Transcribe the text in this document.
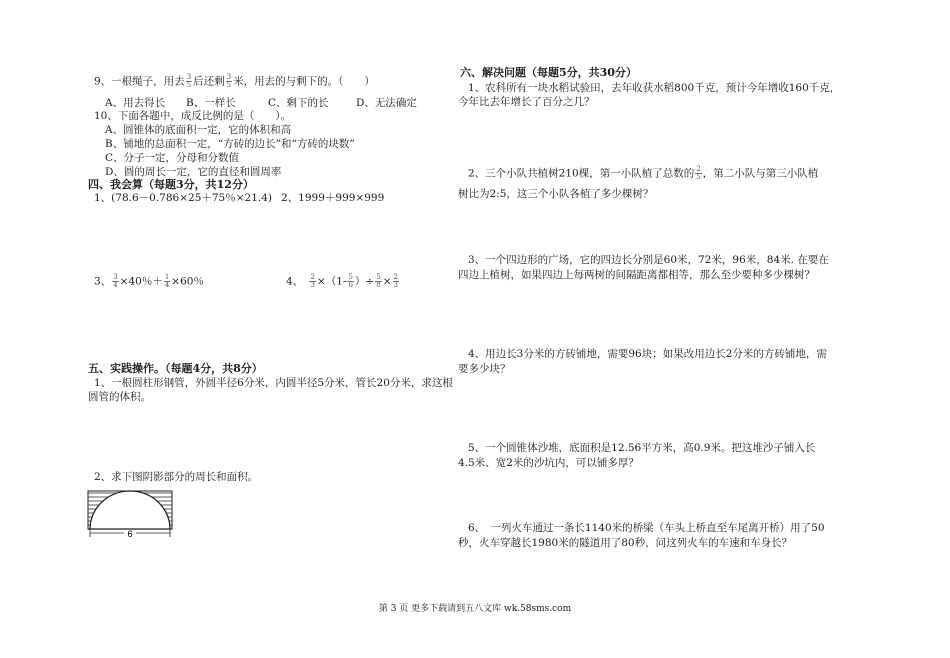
9、一根绳子，用去 $\frac{3}{5}$ 后还剩 $\frac{3}{5}$ 米，用去的与剩下的。（　　）
A、用去得长 B、一样长	C、剩下的长	D、无法确定
10、下面各题中，成反比例的是（　　）。
A、圆锥体的底面积一定，它的体积和高
B、铺地的总面积一定，“方砖的边长”和“方砖的块数”
C、分子一定，分母和分数值
D、圆的周长一定，它的直径和圆周率
四、我会算（每题3分，共12分）
1、(78.6－0.786×25＋75％×21.4) 2、1999＋999×999
3、 $\frac{3}{4} \times 40$％＋ $\frac{1}{4} \times 60$％	4、　 $\frac{2}{3} \times(1- \frac{5}{6}$ ）÷ $\frac{5}{8} \times \frac{2}{3}$
五、实践操作。（每题4分，共8分）
1、一根圆柱形钢管，外圆半径6分米，内圆半径5分米，管长20分米，求这根
圆管的体积。
2、求下图阴影部分的周长和面积。
6
六、解决问题（每题5分，共30分）
1、农科所有一块水稻试验田，去年收获水稻800千克，预计今年增收160千克，
今年比去年增长了百分之几？
2、三个小队共植树210棵，第一小队植了总数的 $\frac{2}{5}$ ，第二小队与第三小队植
树比为2:5，这三个小队各植了多少棵树？
3、一个四边形的广场，它的四边长分别是60米，72米，96米，84米. 在要在
四边上植树，如果四边上每两树的间隔距离都相等，那么至少要种多少棵树？
4、用边长3分米的方砖铺地，需要96块；如果改用边长2分米的方砖铺地，需
要多少块？
5、一个圆锥体沙堆，底面积是12.56平方米，高0.9米。把这堆沙子铺入长
4.5米、宽2米的沙坑内，可以铺多厚？
6、　一列火车通过一条长1140米的桥梁（车头上桥直至车尾离开桥）用了50
秒，火车穿越长1980米的隧道用了80秒，问这列火车的车速和车身长？
第 3 页 更多下载请到五八文库 wk.58sms.com
